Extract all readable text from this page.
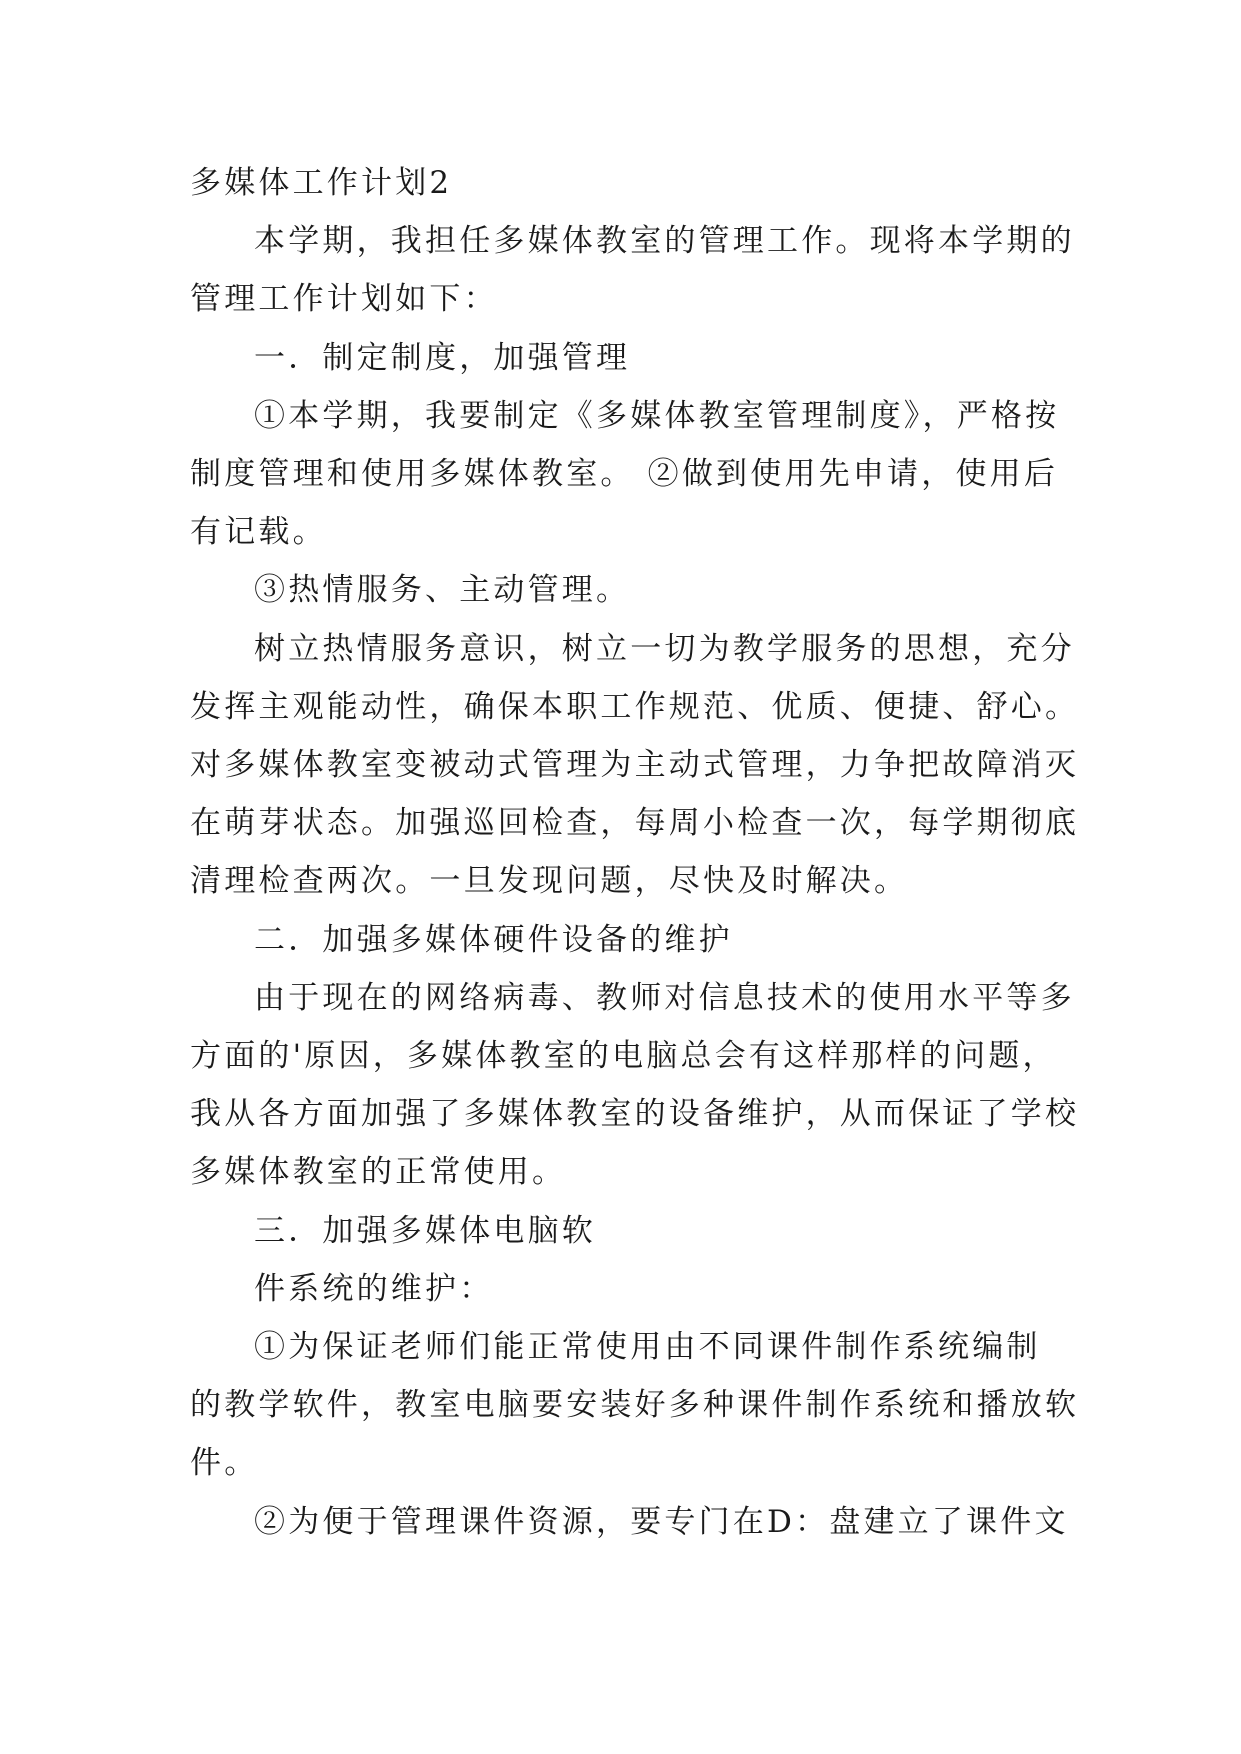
多媒体工作计划2
本学期，我担任多媒体教室的管理工作。现将本学期的
管理工作计划如下：
一．制定制度，加强管理
①本学期，我要制定《多媒体教室管理制度》，严格按
制度管理和使用多媒体教室。 ②做到使用先申请，使用后
有记载。
③热情服务、主动管理。
树立热情服务意识，树立一切为教学服务的思想，充分
发挥主观能动性，确保本职工作规范、优质、便捷、舒心。
对多媒体教室变被动式管理为主动式管理，力争把故障消灭
在萌芽状态。加强巡回检查，每周小检查一次，每学期彻底
清理检查两次。一旦发现问题，尽快及时解决。
二．加强多媒体硬件设备的维护
由于现在的网络病毒、教师对信息技术的使用水平等多
方面的'原因，多媒体教室的电脑总会有这样那样的问题，
我从各方面加强了多媒体教室的设备维护，从而保证了学校
多媒体教室的正常使用。
三．加强多媒体电脑软
件系统的维护：
①为保证老师们能正常使用由不同课件制作系统编制
的教学软件，教室电脑要安装好多种课件制作系统和播放软
件。
②为便于管理课件资源，要专门在D：盘建立了课件文
